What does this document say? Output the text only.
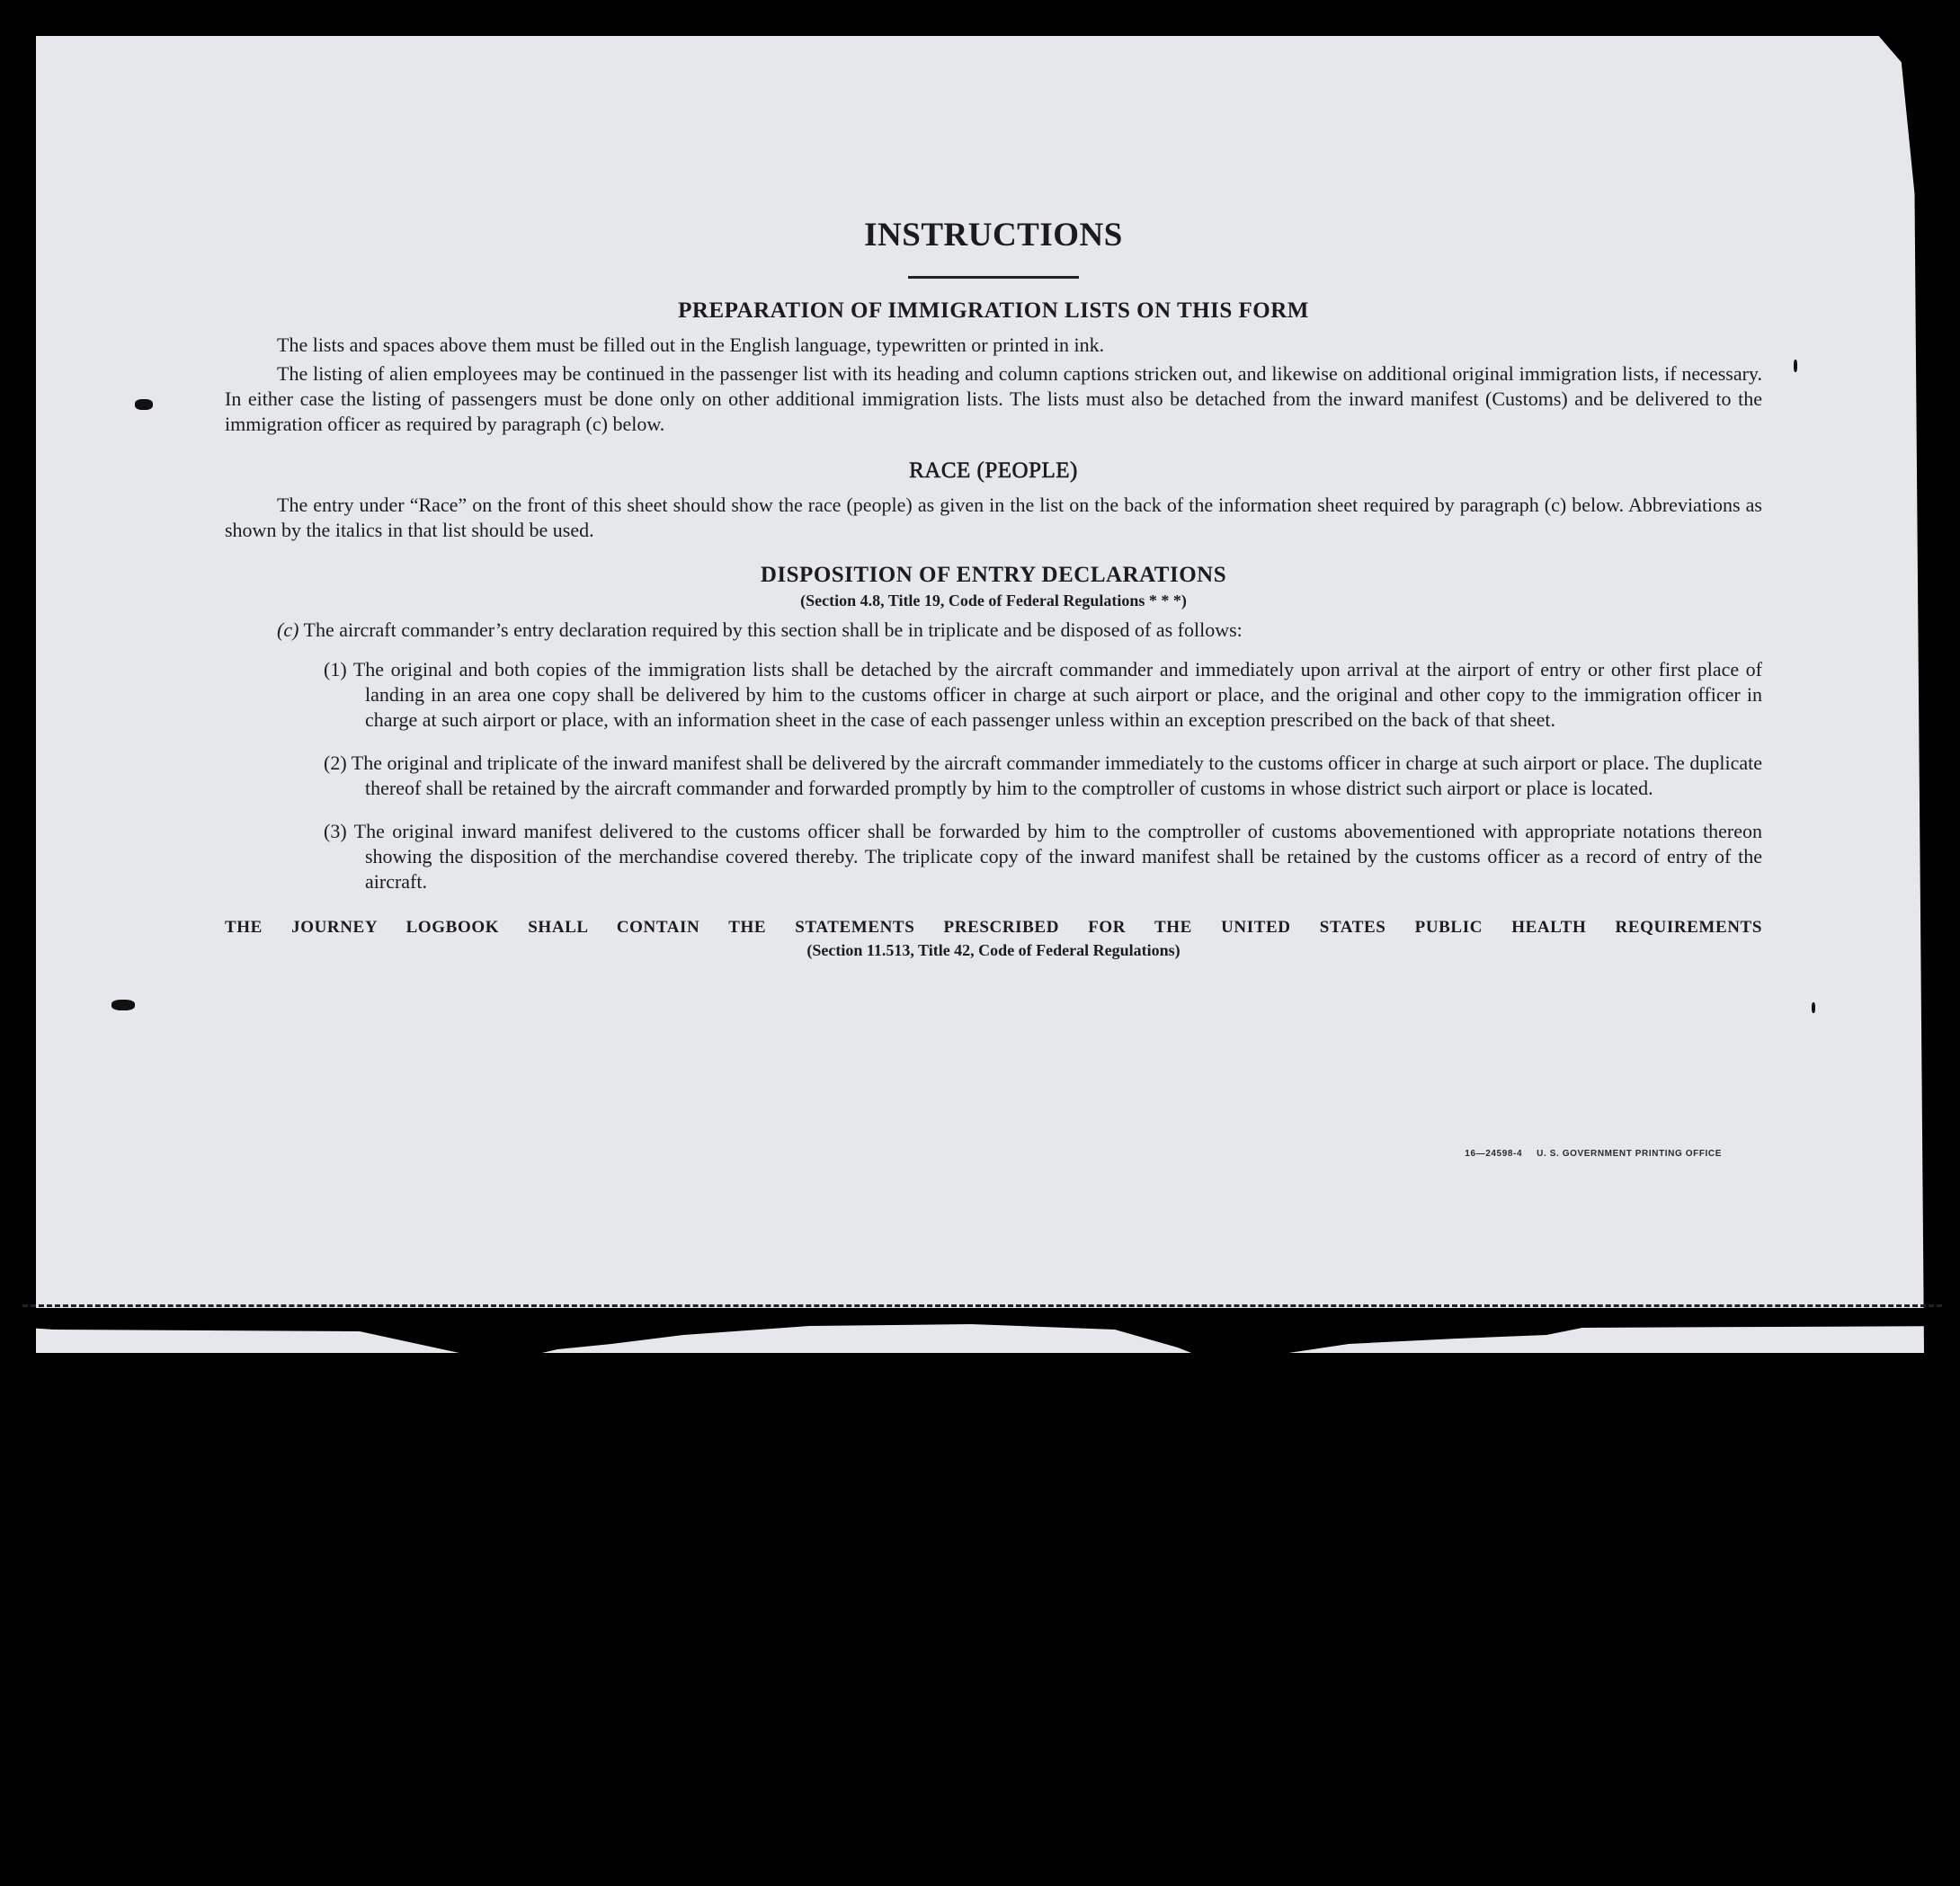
INSTRUCTIONS
PREPARATION OF IMMIGRATION LISTS ON THIS FORM

The lists and spaces above them must be filled out in the English language, typewritten or printed in ink.

The listing of alien employees may be continued in the passenger list with its heading and column captions stricken out, and likewise on additional original immigration lists, if necessary. In either case the listing of passengers must be done only on other additional immigration lists. The lists must also be detached from the inward manifest (Customs) and be delivered to the immigration officer as required by paragraph (c) below.

RACE (PEOPLE)

The entry under “Race” on the front of this sheet should show the race (people) as given in the list on the back of the information sheet required by paragraph (c) below. Abbreviations as shown by the italics in that list should be used.

DISPOSITION OF ENTRY DECLARATIONS
(Section 4.8, Title 19, Code of Federal Regulations * * *)

(c) The aircraft commander’s entry declaration required by this section shall be in triplicate and be disposed of as follows:

(1) The original and both copies of the immigration lists shall be detached by the aircraft commander and immediately upon arrival at the airport of entry or other first place of landing in an area one copy shall be delivered by him to the customs officer in charge at such airport or place, and the original and other copy to the immigration officer in charge at such airport or place, with an information sheet in the case of each passenger unless within an exception prescribed on the back of that sheet.

(2) The original and triplicate of the inward manifest shall be delivered by the aircraft commander immediately to the customs officer in charge at such airport or place. The duplicate thereof shall be retained by the aircraft commander and forwarded promptly by him to the comptroller of customs in whose district such airport or place is located.

(3) The original inward manifest delivered to the customs officer shall be forwarded by him to the comptroller of customs abovementioned with appropriate notations thereon showing the disposition of the merchandise covered thereby. The triplicate copy of the inward manifest shall be retained by the customs officer as a record of entry of the aircraft.

THE JOURNEY LOGBOOK SHALL CONTAIN THE STATEMENTS PRESCRIBED FOR THE UNITED STATES PUBLIC HEALTH REQUIREMENTS
(Section 11.513, Title 42, Code of Federal Regulations)
16—24598-4 U. S. GOVERNMENT PRINTING OFFICE
